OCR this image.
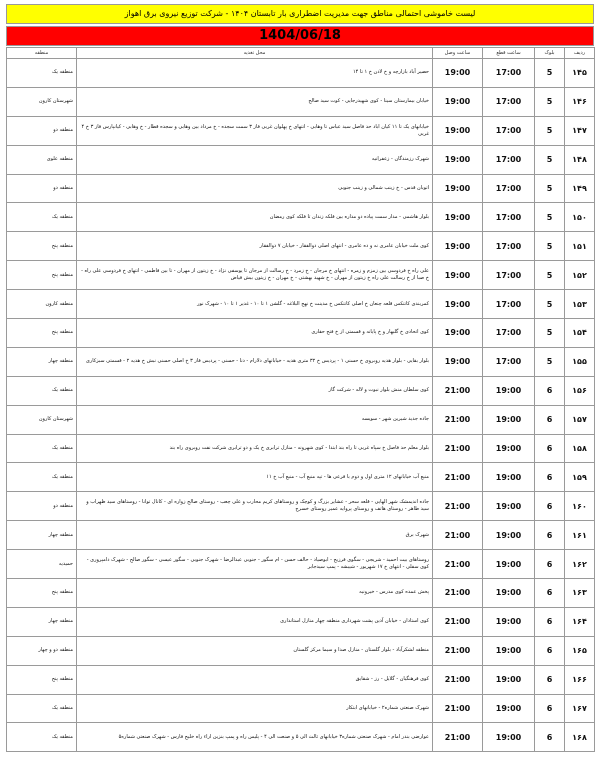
لیست خاموشی احتمالی مناطق جهت مدیریت اضطراری بار تابستان ۱۴۰۴ - شرکت توزیع نیروی برق اهواز
1404/06/18
ردیف	بلوک	ساعت قطع	ساعت وصل	محل تغذیه	منطقه
۱۴۵	5	17:00	19:00	حصیر آباد بازارچه و خ لادن خ ۱ تا ۱۴	منطقه یک
۱۴۶	5	17:00	19:00	خیابان بیمارستان سینا - کوی شهیدرجایی - کوت سید صالح	شهرستان کارون
۱۴۷	5	17:00	19:00	خیابانهای یک تا ۱۱ کیان اباد حد فاصل سید عباس تا وهابی - انتهای خ پهلوان غربی فاز ۳ سمت سجده - خ مرداد بین وهابی و سجده قطار - خ وهابی - کیانپارس فاز ۳ خ ۴ غربی	منطقه دو
۱۴۸	5	17:00	19:00	شهرک رزمندگان - زعفرانیه	منطقه علوی
۱۴۹	5	17:00	19:00	اتوبان قدس - خ زینب شمالی و زینب جنوبی	منطقه دو
۱۵۰	5	17:00	19:00	بلوار هاشمی - مدار سمت پیاده دو مداره بین فلکه زندان تا فلکه کوی رمضان	منطقه یک
۱۵۱	5	17:00	19:00	کوی ملت خیابان عامری نه و ده عامری - انتهای اصلی ذوالفقار - خیابان ۷ ذوالفقار	منطقه پنج
۱۵۲	5	17:00	19:00	علی راه خ فردوسی بین زمزم و زمره - انتهای خ مرجان - خ زمرد - خ رسالت از مرجان تا یوسفی نژاد - خ زیتون از مهران - تا بین فاطمی - انتهای خ فردوسی علی راه - خ صبا از خ رسالت علی راه خ زیتون از مهران - خ شهید بهشتی - خ مهران - خ زیتون بیش فیاض	منطقه پنج
۱۵۳	5	17:00	19:00	کمربندی کانتکس قلعه چنعان خ اصلی کانتکس خ مدینت خ نهج البلاغه - گلشن ۱ تا ۱۰ - غدیر ۱ تا ۱۰ - شهرک نور	منطقه کارون
۱۵۴	5	17:00	19:00	کوی اتحادی خ گلبهار و خ پایانه و قسمتی از خ فتح حقاری	منطقه پنج
۱۵۵	5	17:00	19:00	بلوار بقایی - بلوار هدیه روبروی خ حسنی ۱ - پردیس خ ۳۲ متری هدیه - خیابانهای دلارام - دنا - حسنی - پردیس فاز ۳ خ اصلی حسنی نبش خ هدیه ۲ - قسمتی سبزکاری	منطقه چهار
۱۵۶	6	19:00	21:00	کوی سلطان منش بلوار نبوت و لاله - شرکت گاز	منطقه یک
۱۵۷	6	19:00	21:00	جاده جدید شیرین شهر - سویسه	شهرستان کارون
۱۵۸	6	19:00	21:00	بلوار معلم حد فاصل خ سپاه غربی تا راه بند ابتدا - کوی شهرونه - منازل ترابری خ یک و دو ترابری شرکت نفت روبروی راه بند	منطقه یک
۱۵۹	6	19:00	21:00	منبع آب خیابانهای ۱۲ متری اول و دوم با فرعی ها - تپه منبع آب - منبع آب خ ۱۱	منطقه یک
۱۶۰	6	19:00	21:00	جاده اندیمشک شهر الهایی - قلعه سحر - عشایر بزرگ و کوچک و روستاهای کریم محارب و علی چعب - روستای صالح زواره ای - کانال توانا - روستاهای سید ظهراب و سید طاهر - روستای هاتف و روستای پروایه عمیر روستای خسرج	منطقه دو
۱۶۱	6	19:00	21:00	شهرک برق	منطقه چهار
۱۶۲	6	19:00	21:00	روستاهای بیت احمید - شریجی - سگوی فرزیج - ابوصیاد - حالف حسن - ام سگور - جنوبی عبدالرضا - شهرک جنوبی - سگور عیسی - سگور صالح - شهرک دامپروری - کوی سفلی - انتهای خ ۱۷ شهریور - شیبشه - پمپ سیدجابر	حمیدیه
۱۶۳	6	19:00	21:00	پخش عمده کوی مدرس - خیرونیه	منطقه پنج
۱۶۴	6	19:00	21:00	کوی استادان - خیابان آذین پشت شهرداری منطقه چهار منازل استانداری	منطقه چهار
۱۶۵	6	19:00	21:00	منطقه لشکرآباد - بلوار گلستان - منازل صدا و سیما مرکز گلستان	منطقه دو و چهار
۱۶۶	6	19:00	21:00	کوی فرهنگیان - گلایل - رز - شقایق	منطقه پنج
۱۶۷	6	19:00	21:00	شهرک صنعتی شماره۲ - خیابانهای ابتکار	منطقه یک
۱۶۸	6	19:00	21:00	عوارضی بندر امام - شهرک صنعتی شماره۳ خیابانهای ثالث الی ۵ و صنعت الی ۴ - پلیس راه و پمپ بنزین اراء راه خلیج فارس - شهرک صنعتی شماره۵	منطقه یک
